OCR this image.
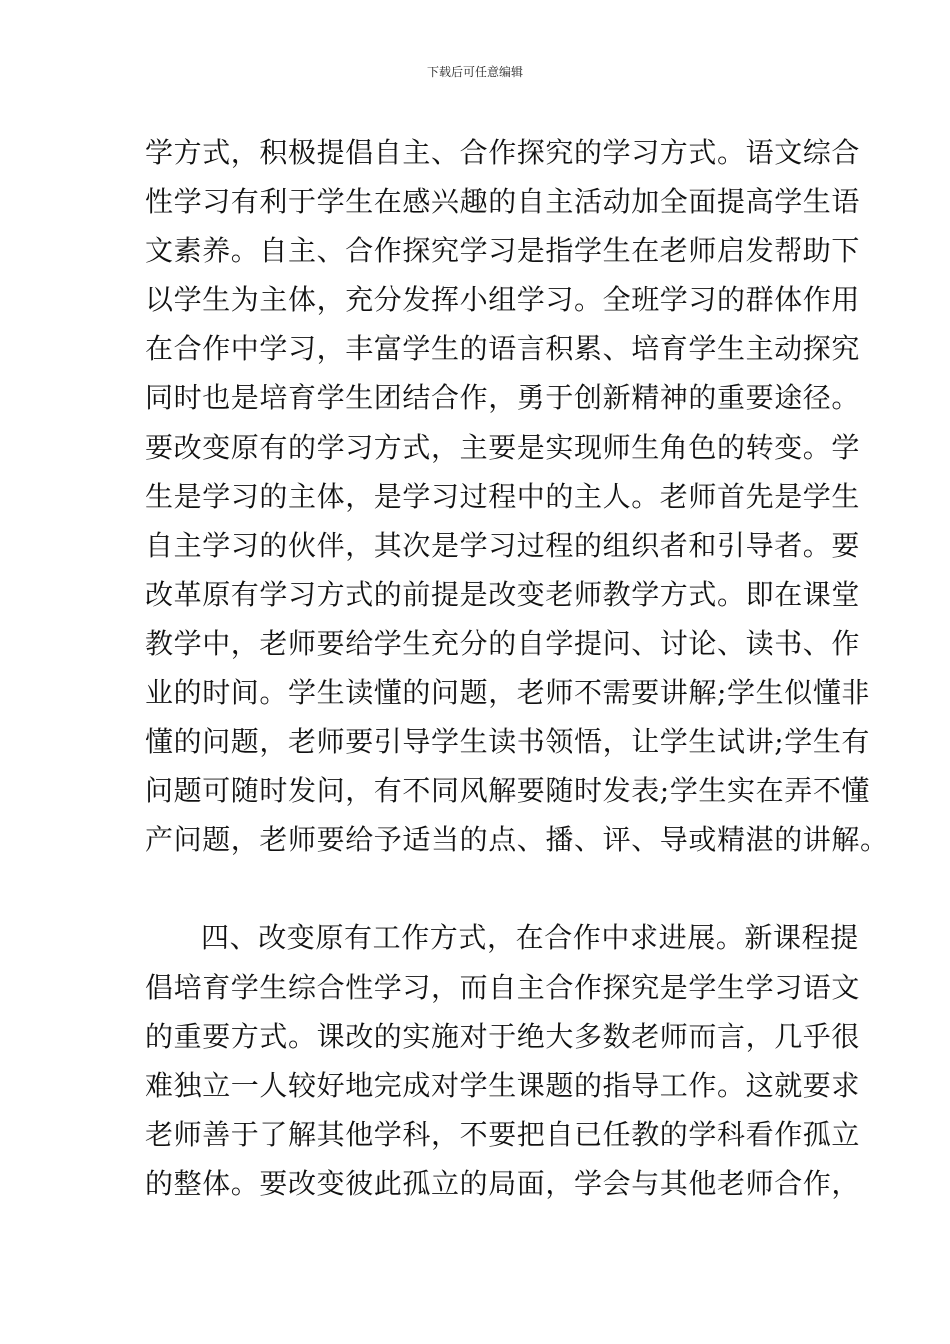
下载后可任意编辑
学方式，积极提倡自主、合作探究的学习方式。语文综合
性学习有利于学生在感兴趣的自主活动加全面提高学生语
文素养。自主、合作探究学习是指学生在老师启发帮助下
以学生为主体，充分发挥小组学习。全班学习的群体作用
在合作中学习，丰富学生的语言积累、培育学生主动探究
同时也是培育学生团结合作，勇于创新精神的重要途径。
要改变原有的学习方式，主要是实现师生角色的转变。学
生是学习的主体，是学习过程中的主人。老师首先是学生
自主学习的伙伴，其次是学习过程的组织者和引导者。要
改革原有学习方式的前提是改变老师教学方式。即在课堂
教学中，老师要给学生充分的自学提问、讨论、读书、作
业的时间。学生读懂的问题，老师不需要讲解;学生似懂非
懂的问题，老师要引导学生读书领悟，让学生试讲;学生有
问题可随时发问，有不同风解要随时发表;学生实在弄不懂
产问题，老师要给予适当的点、播、评、导或精湛的讲解。
四、改变原有工作方式，在合作中求进展。新课程提
倡培育学生综合性学习，而自主合作探究是学生学习语文
的重要方式。课改的实施对于绝大多数老师而言，几乎很
难独立一人较好地完成对学生课题的指导工作。这就要求
老师善于了解其他学科，不要把自已任教的学科看作孤立
的整体。要改变彼此孤立的局面，学会与其他老师合作，
